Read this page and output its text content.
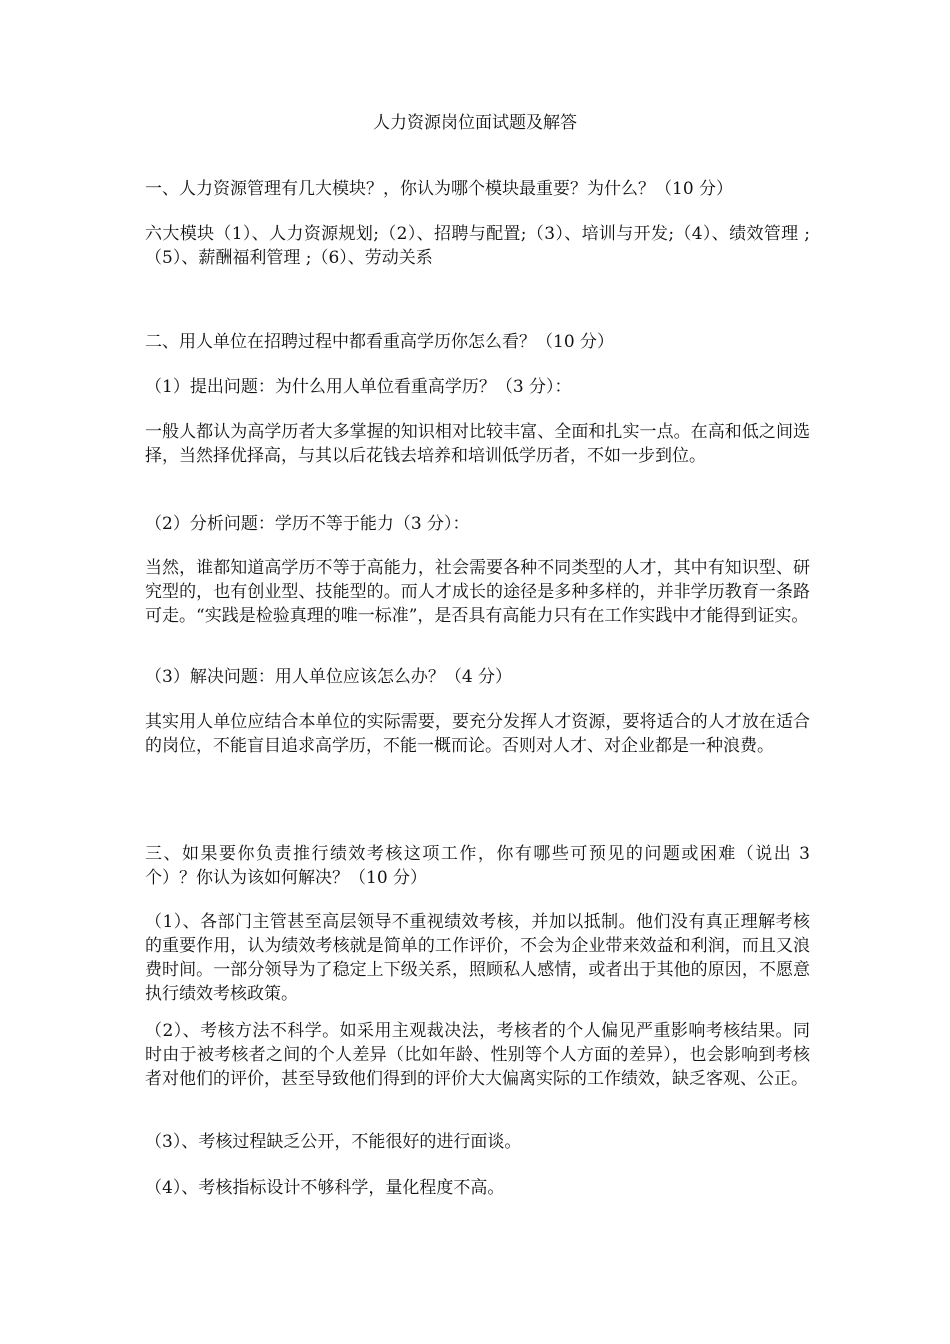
人力资源岗位面试题及解答

一、人力资源管理有几大模块？，你认为哪个模块最重要？为什么？（10 分）

六大模块（1）、人力资源规划;（2）、招聘与配置;（3）、培训与开发;（4）、绩效管理 ;（5）、薪酬福利管理 ;（6）、劳动关系

二、用人单位在招聘过程中都看重高学历你怎么看？（10 分）

（1）提出问题：为什么用人单位看重高学历？（3 分）：

一般人都认为高学历者大多掌握的知识相对比较丰富、全面和扎实一点。在高和低之间选择，当然择优择高，与其以后花钱去培养和培训低学历者，不如一步到位。

（2）分析问题：学历不等于能力（3 分）：

当然，谁都知道高学历不等于高能力，社会需要各种不同类型的人才，其中有知识型、研究型的，也有创业型、技能型的。而人才成长的途径是多种多样的，并非学历教育一条路可走。“实践是检验真理的唯一标准”，是否具有高能力只有在工作实践中才能得到证实。

（3）解决问题：用人单位应该怎么办？（4 分）

其实用人单位应结合本单位的实际需要，要充分发挥人才资源，要将适合的人才放在适合的岗位，不能盲目追求高学历，不能一概而论。否则对人才、对企业都是一种浪费。

三、如果要你负责推行绩效考核这项工作，你有哪些可预见的问题或困难（说出 3 个）？你认为该如何解决？（10 分）

（1）、各部门主管甚至高层领导不重视绩效考核，并加以抵制。他们没有真正理解考核的重要作用，认为绩效考核就是简单的工作评价，不会为企业带来效益和利润，而且又浪费时间。一部分领导为了稳定上下级关系，照顾私人感情，或者出于其他的原因，不愿意执行绩效考核政策。

（2）、考核方法不科学。如采用主观裁决法，考核者的个人偏见严重影响考核结果。同时由于被考核者之间的个人差异（比如年龄、性别等个人方面的差异），也会影响到考核者对他们的评价，甚至导致他们得到的评价大大偏离实际的工作绩效，缺乏客观、公正。

（3）、考核过程缺乏公开，不能很好的进行面谈。

（4）、考核指标设计不够科学，量化程度不高。
